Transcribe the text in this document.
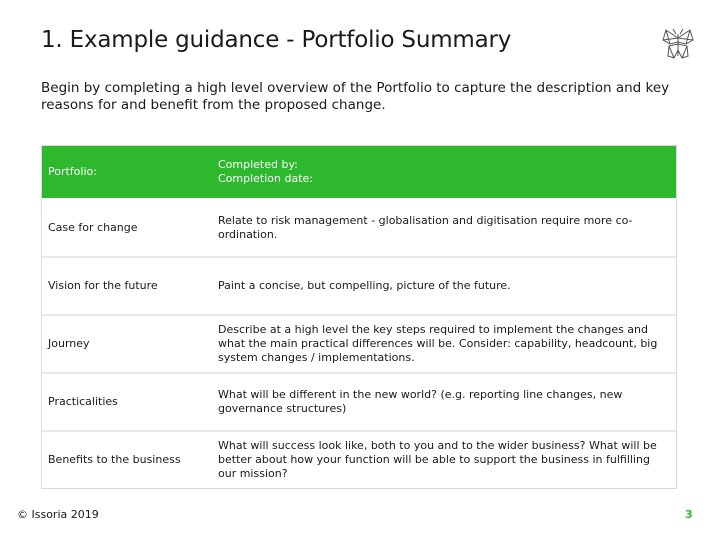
1. Example guidance - Portfolio Summary

Begin by completing a high level overview of the Portfolio to capture the description and key reasons for and benefit from the proposed change.

Portfolio:
Completed by:
Completion date:
Case for change
Relate to risk management - globalisation and digitisation require more co-ordination.
Vision for the future	Paint a concise, but compelling, picture of the future.
Journey
Describe at a high level the key steps required to implement the changes and what the main practical differences will be. Consider: capability, headcount, big system changes / implementations.
Practicalities
What will be different in the new world? (e.g. reporting line changes, new governance structures)
Benefits to the business
What will success look like, both to you and to the wider business? What will be better about how your function will be able to support the business in fulfilling our mission?
© Issoria 2019	3
